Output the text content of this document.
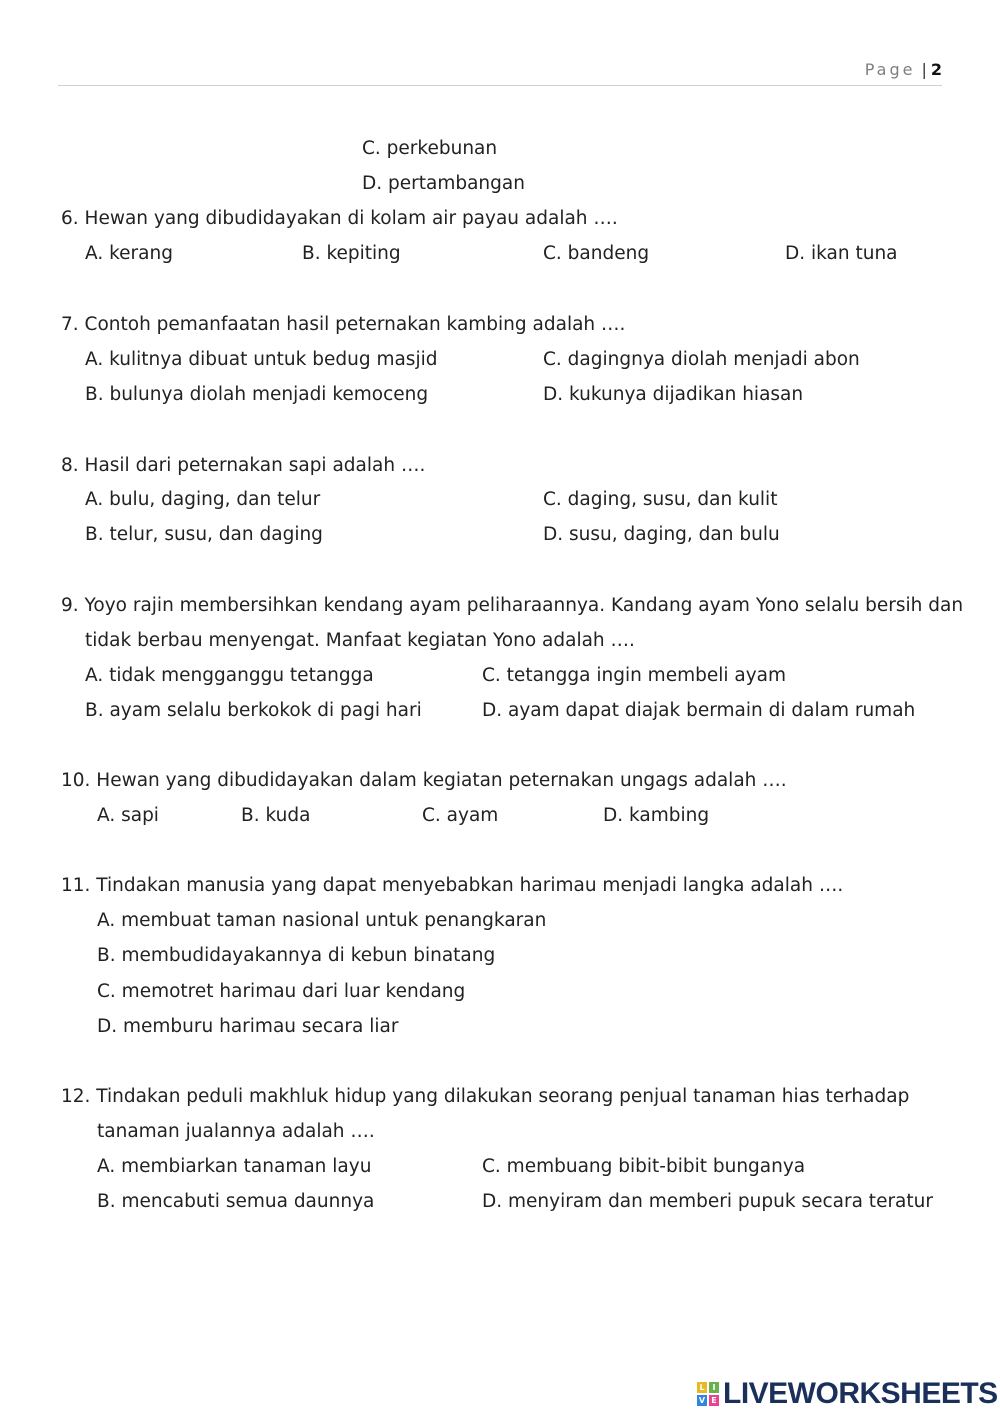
Page | 2
C. perkebunan
D. pertambangan
6. Hewan yang dibudidayakan di kolam air payau adalah ….
A. kerang	B. kepiting	C. bandeng	D. ikan tuna
7. Contoh pemanfaatan hasil peternakan kambing adalah ….
A. kulitnya dibuat untuk bedug masjid	C. dagingnya diolah menjadi abon
B. bulunya diolah menjadi kemoceng	D. kukunya dijadikan hiasan
8. Hasil dari peternakan sapi adalah ….
A. bulu, daging, dan telur	C. daging, susu, dan kulit
B. telur, susu, dan daging	D. susu, daging, dan bulu
9. Yoyo rajin membersihkan kendang ayam peliharaannya. Kandang ayam Yono selalu bersih dan
tidak berbau menyengat. Manfaat kegiatan Yono adalah ….
A. tidak mengganggu tetangga	C. tetangga ingin membeli ayam
B. ayam selalu berkokok di pagi hari	D. ayam dapat diajak bermain di dalam rumah
10. Hewan yang dibudidayakan dalam kegiatan peternakan ungags adalah ….
A. sapi	B. kuda	C. ayam	D. kambing
11. Tindakan manusia yang dapat menyebabkan harimau menjadi langka adalah ….
A. membuat taman nasional untuk penangkaran
B. membudidayakannya di kebun binatang
C. memotret harimau dari luar kendang
D. memburu harimau secara liar
12. Tindakan peduli makhluk hidup yang dilakukan seorang penjual tanaman hias terhadap
tanaman jualannya adalah ….
A. membiarkan tanaman layu	C. membuang bibit-bibit bunganya
B. mencabuti semua daunnya	D. menyiram dan memberi pupuk secara teratur
L I
V E LIVEWORKSHEETS
